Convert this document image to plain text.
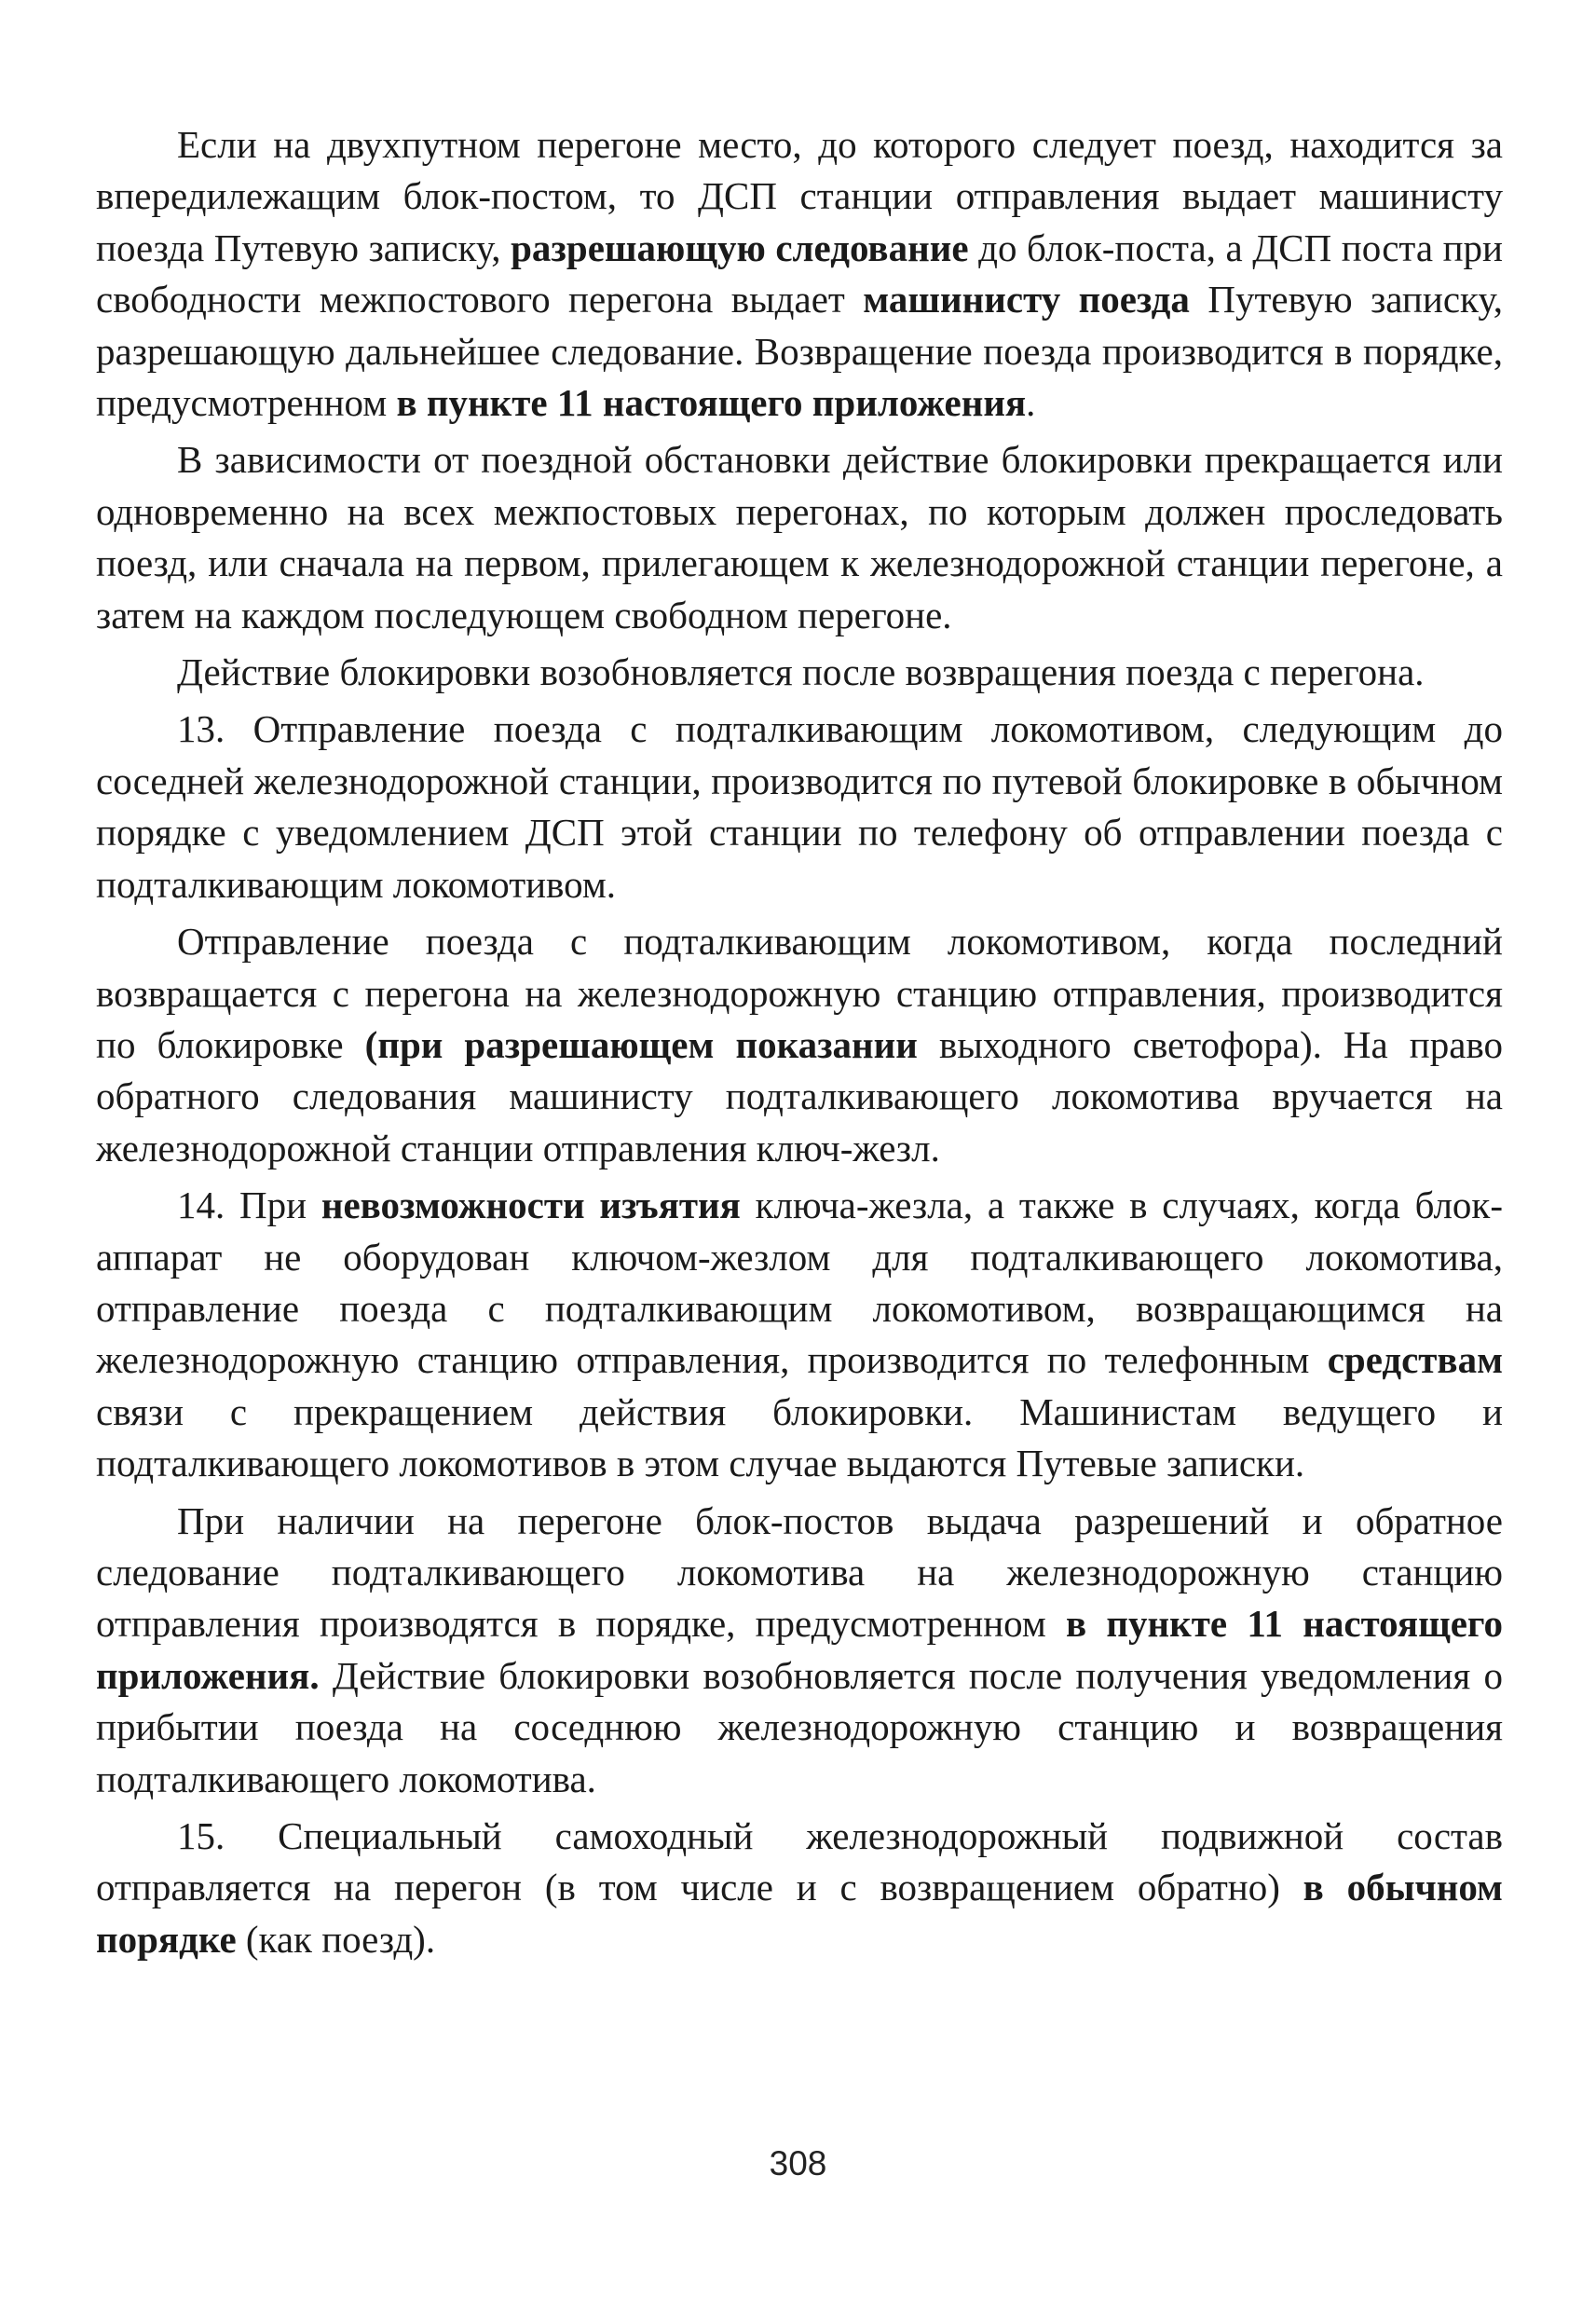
Если на двухпутном перегоне место, до которого следует поезд, находится за впередилежащим блок-постом, то ДСП станции отправления выдает машинисту поезда Путевую записку, разрешающую следование до блок-поста, а ДСП поста при свободности межпостового перегона выдает машинисту поезда Путевую записку, разрешающую дальнейшее следование. Возвращение поезда производится в порядке, предусмотренном в пункте 11 настоящего приложения.

В зависимости от поездной обстановки действие блокировки прекращается или одновременно на всех межпостовых перегонах, по которым должен проследовать поезд, или сначала на первом, прилегающем к железнодорожной станции перегоне, а затем на каждом последующем свободном перегоне.

Действие блокировки возобновляется после возвращения поезда с перегона.

13. Отправление поезда с подталкивающим локомотивом, следующим до соседней железнодорожной станции, производится по путевой блокировке в обычном порядке с уведомлением ДСП этой станции по телефону об отправлении поезда с подталкивающим локомотивом.

Отправление поезда с подталкивающим локомотивом, когда последний возвращается с перегона на железнодорожную станцию отправления, производится по блокировке (при разрешающем показании выходного светофора). На право обратного следования машинисту подталкивающего локомотива вручается на железнодорожной станции отправления ключ-жезл.

14. При невозможности изъятия ключа-жезла, а также в случаях, когда блок-аппарат не оборудован ключом-жезлом для подталкивающего локомотива, отправление поезда с подталкивающим локомотивом, возвращающимся на железнодорожную станцию отправления, производится по телефонным средствам связи с прекращением действия блокировки. Машинистам ведущего и подталкивающего локомотивов в этом случае выдаются Путевые записки.

При наличии на перегоне блок-постов выдача разрешений и обратное следование подталкивающего локомотива на железнодорожную станцию отправления производятся в порядке, предусмотренном в пункте 11 настоящего приложения. Действие блокировки возобновляется после получения уведомления о прибытии поезда на соседнюю железнодорожную станцию и возвращения подталкивающего локомотива.

15. Специальный самоходный железнодорожный подвижной состав отправляется на перегон (в том числе и с возвращением обратно) в обычном порядке (как поезд).

308
